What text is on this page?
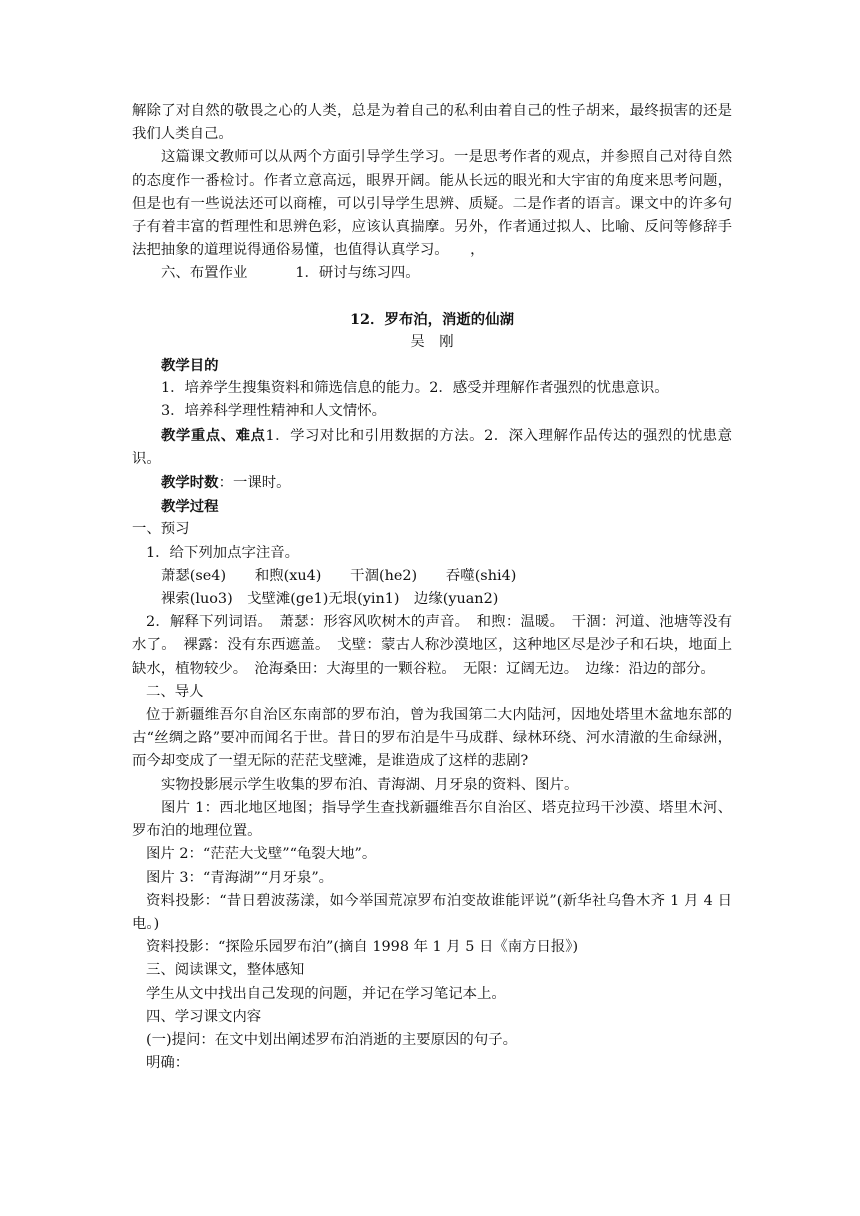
解除了对自然的敬畏之心的人类，总是为着自己的私利由着自己的性子胡来，最终损害的还是我们人类自己。

这篇课文教师可以从两个方面引导学生学习。一是思考作者的观点，并参照自己对待自然的态度作一番检讨。作者立意高远，眼界开阔。能从长远的眼光和大宇宙的角度来思考问题，但是也有一些说法还可以商榷，可以引导学生思辨、质疑。二是作者的语言。课文中的许多句子有着丰富的哲理性和思辨色彩，应该认真揣摩。另外，作者通过拟人、比喻、反问等修辞手法把抽象的道理说得通俗易懂，也值得认真学习。　　，

六、布置作业	1．研讨与练习四。

12．罗布泊，消逝的仙湖

吴　刚

教学目的

1．培养学生搜集资料和筛选信息的能力。2．感受并理解作者强烈的忧患意识。

3．培养科学理性精神和人文情怀。

教学重点、难点1．学习对比和引用数据的方法。2．深入理解作品传达的强烈的忧患意识。

教学时数：一课时。

教学过程

一、预习

1．给下列加点字注音。

萧瑟(se4)　　和煦(xu4)　　干涸(he2)　　吞噬(shi4)

裸索(luo3)　戈壁滩(ge1)无垠(yin1)　边缘(yuan2)

2．解释下列词语。　萧瑟：形容风吹树木的声音。　和煦：温暖。　干涸：河道、池塘等没有水了。　裸露：没有东西遮盖。　戈壁：蒙古人称沙漠地区，这种地区尽是沙子和石块，地面上缺水，植物较少。　沧海桑田：大海里的一颗谷粒。　无限：辽阔无边。　边缘：沿边的部分。

二、导人

位于新疆维吾尔自治区东南部的罗布泊，曾为我国第二大内陆河，因地处塔里木盆地东部的古“丝绸之路”要冲而闻名于世。昔日的罗布泊是牛马成群、绿林环绕、河水清澈的生命绿洲，而今却变成了一望无际的茫茫戈壁滩，是谁造成了这样的悲剧?

实物投影展示学生收集的罗布泊、青海湖、月牙泉的资料、图片。

图片 1：西北地区地图；指导学生查找新疆维吾尔自治区、塔克拉玛干沙漠、塔里木河、罗布泊的地理位置。

图片 2：“茫茫大戈壁”“龟裂大地”。

图片 3：“青海湖”“月牙泉”。

资料投影：“昔日碧波荡漾，如今举国荒凉罗布泊变故谁能评说”(新华社乌鲁木齐 1 月 4 日电。)

资料投影：“探险乐园罗布泊”(摘自 1998 年 1 月 5 日《南方日报》)

三、阅读课文，整体感知

学生从文中找出自己发现的问题，并记在学习笔记本上。

四、学习课文内容

(一)提问：在文中划出阐述罗布泊消逝的主要原因的句子。

明确：
